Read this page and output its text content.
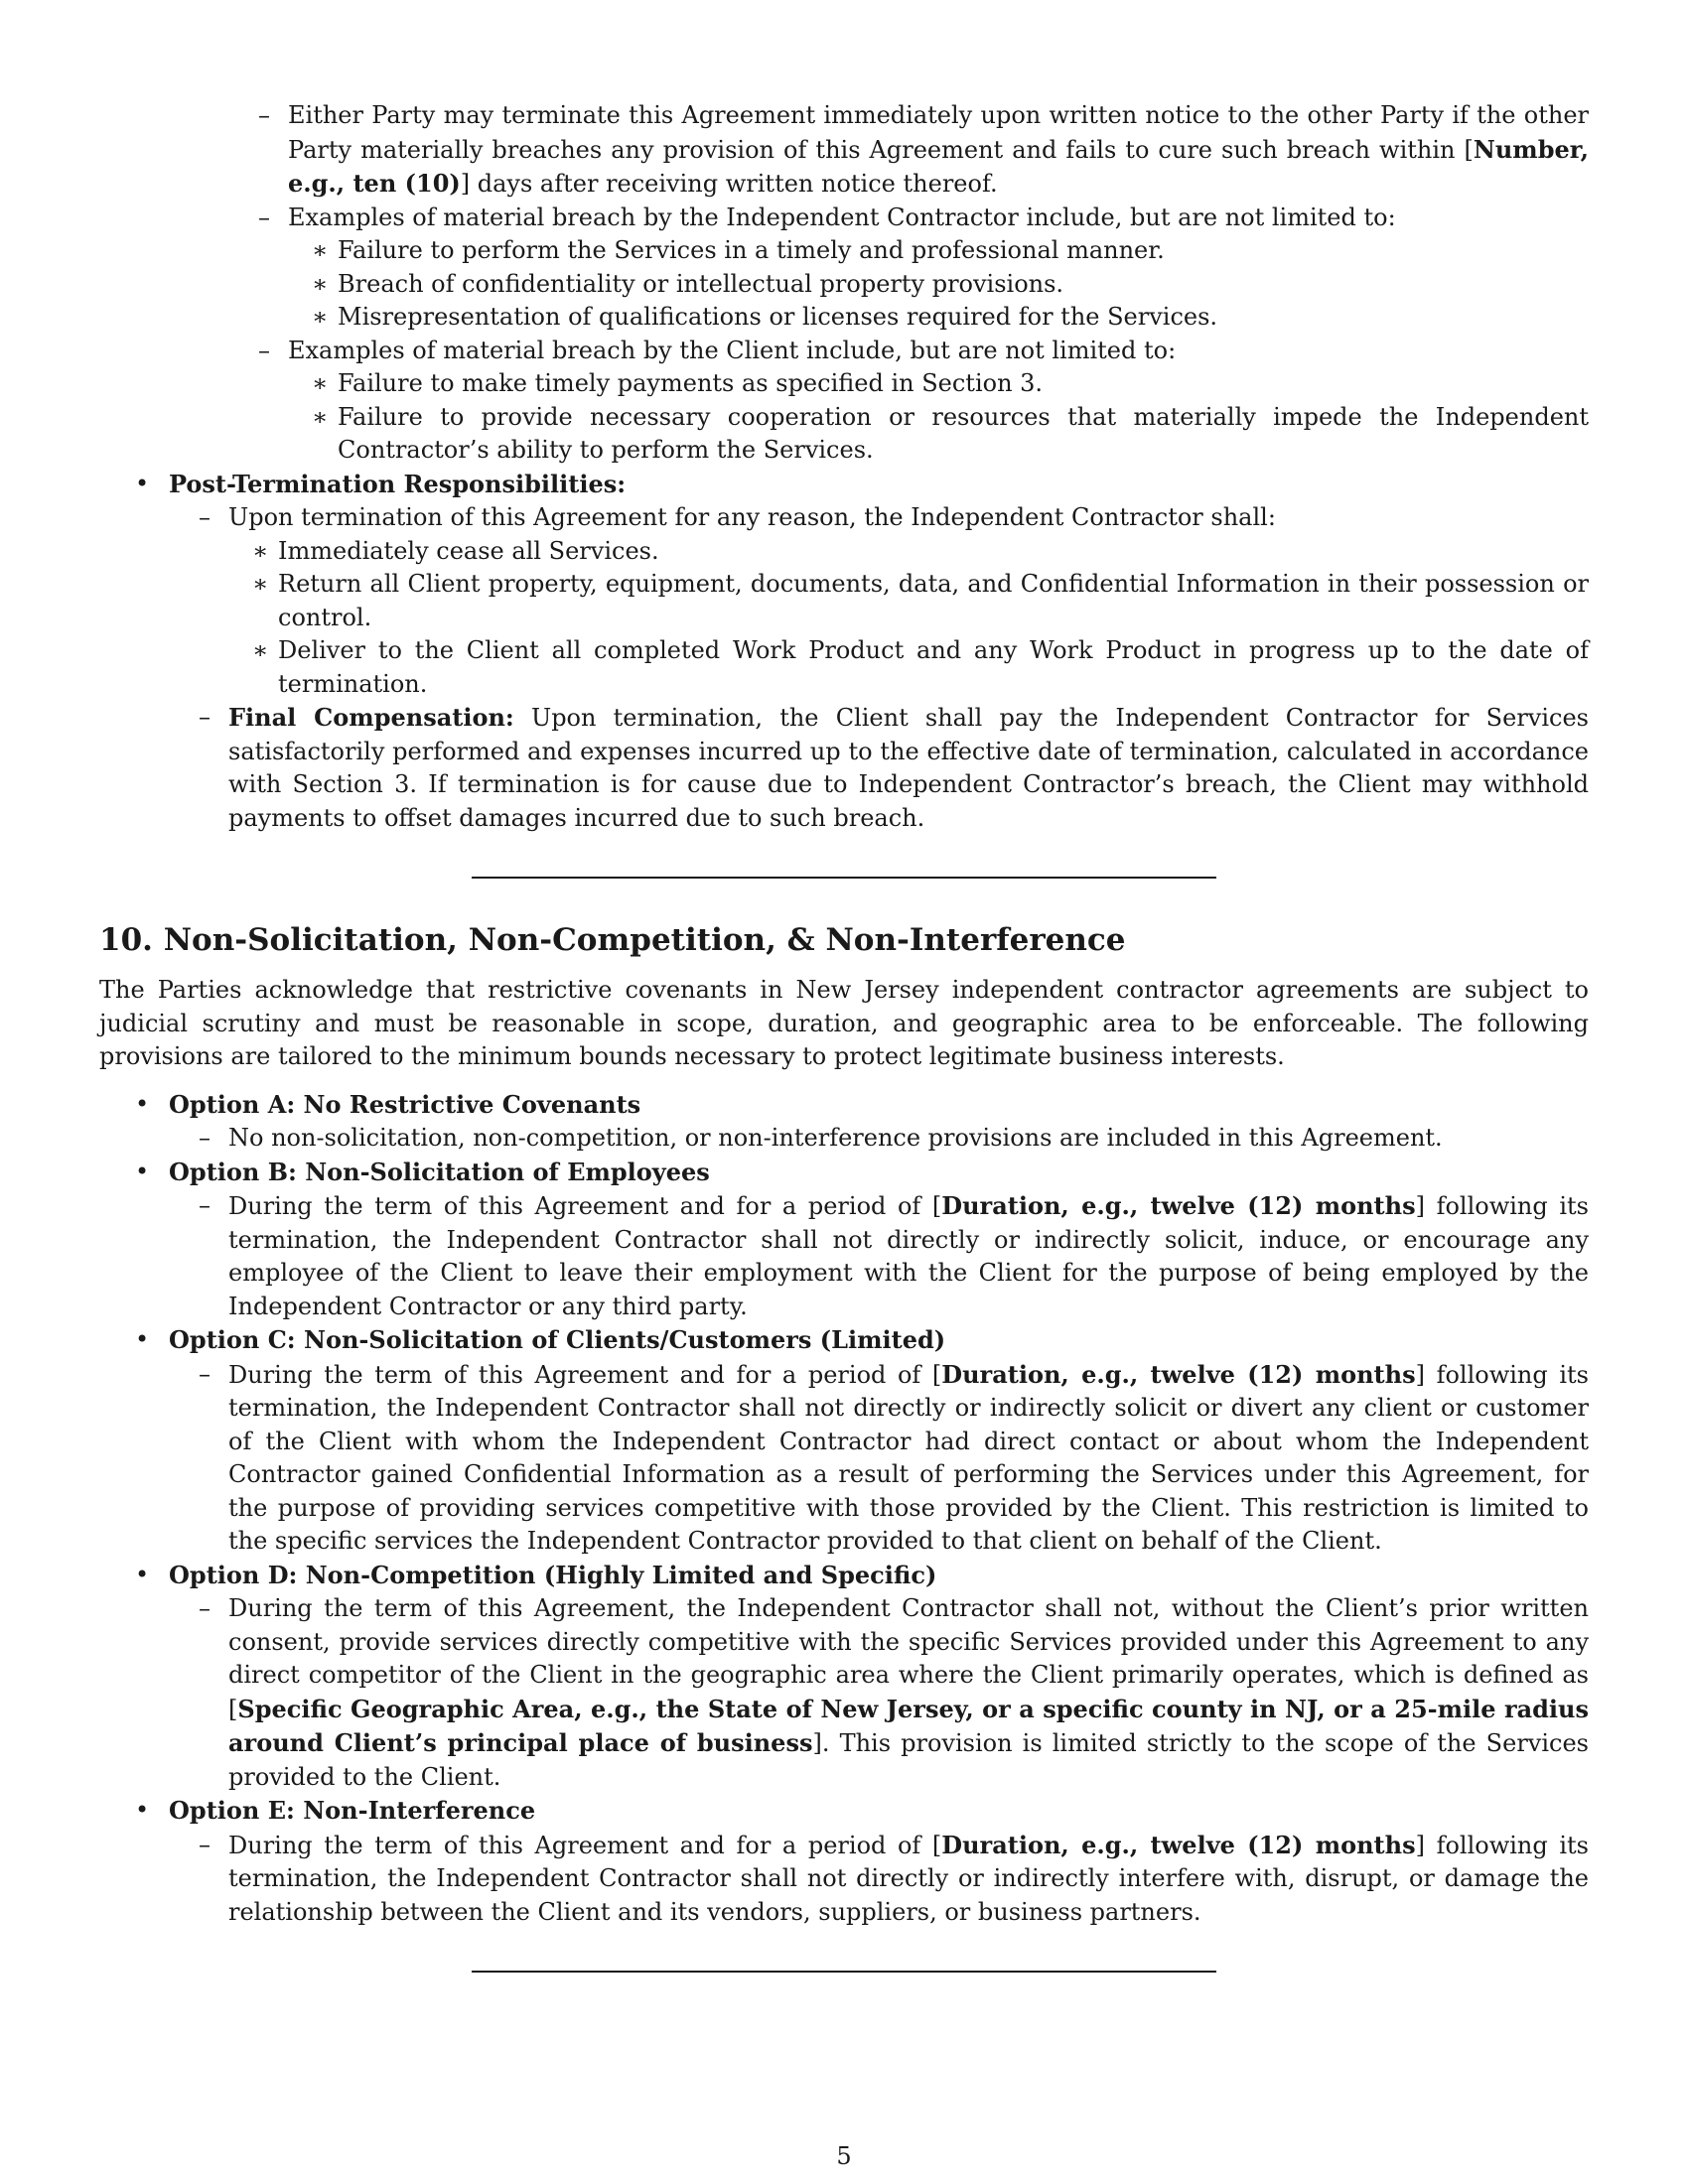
– Either Party may terminate this Agreement immediately upon written notice to the other Party if the other Party materially breaches any provision of this Agreement and fails to cure such breach within [Number, e.g., ten (10)] days after receiving written notice thereof.
– Examples of material breach by the Independent Contractor include, but are not limited to:
∗ Failure to perform the Services in a timely and professional manner.
∗ Breach of confidentiality or intellectual property provisions.
∗ Misrepresentation of qualifications or licenses required for the Services.
– Examples of material breach by the Client include, but are not limited to:
∗ Failure to make timely payments as specified in Section 3.
∗ Failure to provide necessary cooperation or resources that materially impede the Independent Contractor’s ability to perform the Services.
• Post-Termination Responsibilities:
– Upon termination of this Agreement for any reason, the Independent Contractor shall:
∗ Immediately cease all Services.
∗ Return all Client property, equipment, documents, data, and Confidential Information in their possession or control.
∗ Deliver to the Client all completed Work Product and any Work Product in progress up to the date of termination.
– Final Compensation: Upon termination, the Client shall pay the Independent Contractor for Services satisfactorily performed and expenses incurred up to the effective date of termination, calculated in accordance with Section 3. If termination is for cause due to Independent Contractor’s breach, the Client may withhold payments to offset damages incurred due to such breach.
10. Non-Solicitation, Non-Competition, & Non-Interference
The Parties acknowledge that restrictive covenants in New Jersey independent contractor agreements are subject to judicial scrutiny and must be reasonable in scope, duration, and geographic area to be enforceable. The following provisions are tailored to the minimum bounds necessary to protect legitimate business interests.
• Option A: No Restrictive Covenants
– No non-solicitation, non-competition, or non-interference provisions are included in this Agreement.
• Option B: Non-Solicitation of Employees
– During the term of this Agreement and for a period of [Duration, e.g., twelve (12) months] following its termination, the Independent Contractor shall not directly or indirectly solicit, induce, or encourage any employee of the Client to leave their employment with the Client for the purpose of being employed by the Independent Contractor or any third party.
• Option C: Non-Solicitation of Clients/Customers (Limited)
– During the term of this Agreement and for a period of [Duration, e.g., twelve (12) months] following its termination, the Independent Contractor shall not directly or indirectly solicit or divert any client or customer of the Client with whom the Independent Contractor had direct contact or about whom the Independent Contractor gained Confidential Information as a result of performing the Services under this Agreement, for the purpose of providing services competitive with those provided by the Client. This restriction is limited to the specific services the Independent Contractor provided to that client on behalf of the Client.
• Option D: Non-Competition (Highly Limited and Specific)
– During the term of this Agreement, the Independent Contractor shall not, without the Client’s prior written consent, provide services directly competitive with the specific Services provided under this Agreement to any direct competitor of the Client in the geographic area where the Client primarily operates, which is defined as [Specific Geographic Area, e.g., the State of New Jersey, or a specific county in NJ, or a 25-mile radius around Client’s principal place of business]. This provision is limited strictly to the scope of the Services provided to the Client.
• Option E: Non-Interference
– During the term of this Agreement and for a period of [Duration, e.g., twelve (12) months] following its termination, the Independent Contractor shall not directly or indirectly interfere with, disrupt, or damage the relationship between the Client and its vendors, suppliers, or business partners.
5
